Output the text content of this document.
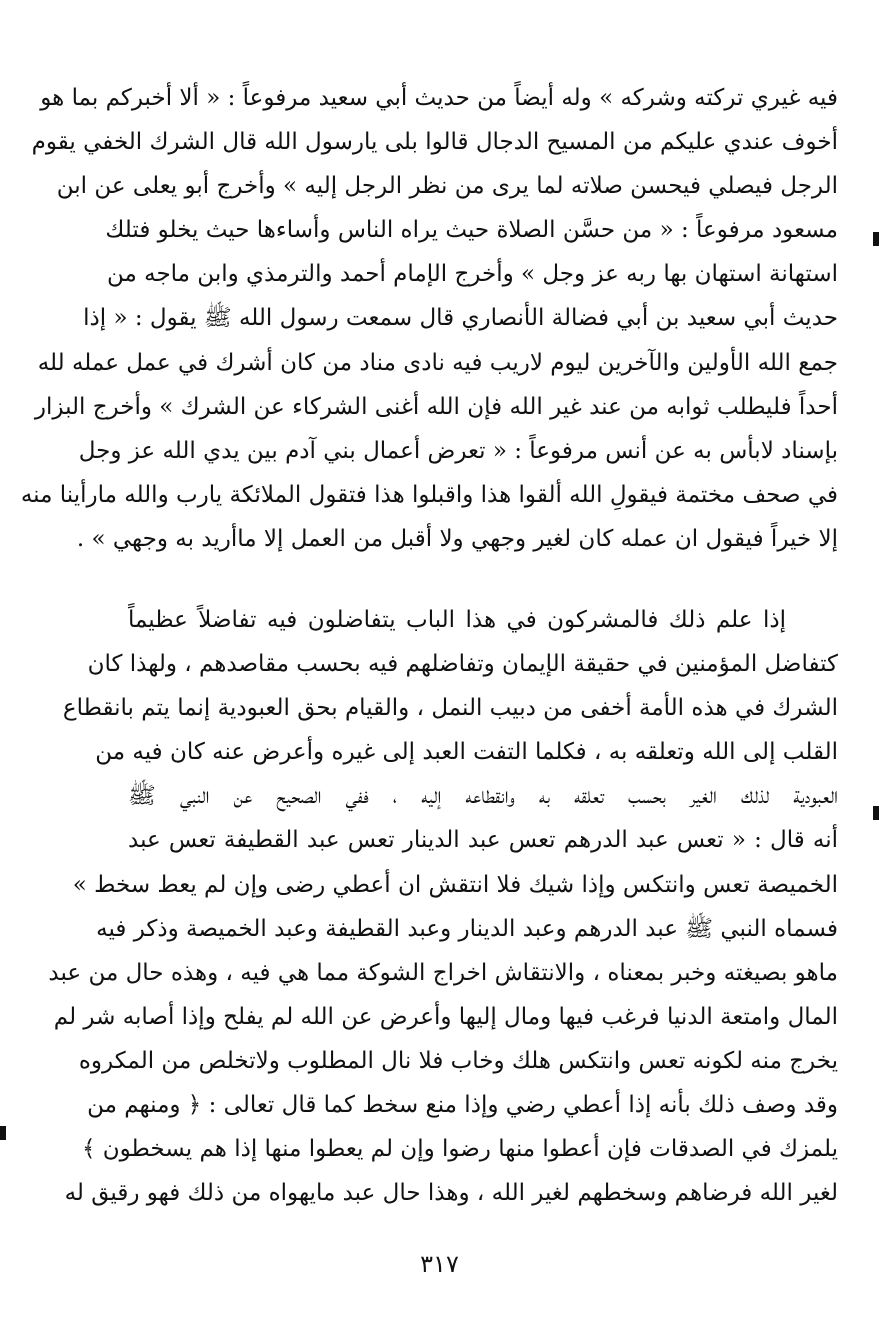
فيه غيري تركته وشركه » وله أيضاً من حديث أبي سعيد مرفوعاً : « ألا أخبركم بما هو
أخوف عندي عليكم من المسيح الدجال قالوا بلى يارسول الله قال الشرك الخفي يقوم
الرجل فيصلي فيحسن صلاته لما يرى من نظر الرجل إليه » وأخرج أبو يعلى عن ابن
مسعود مرفوعاً : « من حسَّن الصلاة حيث يراه الناس وأساءها حيث يخلو فتلك
استهانة استهان بها ربه عز وجل » وأخرج الإمام أحمد والترمذي وابن ماجه من
حديث أبي سعيد بن أبي فضالة الأنصاري قال سمعت رسول الله ﷺ يقول : « إذا
جمع الله الأولين والآخرين ليوم لاريب فيه نادى مناد من كان أشرك في عمل عمله لله
أحداً فليطلب ثوابه من عند غير الله فإن الله أغنى الشركاء عن الشرك » وأخرج البزار
بإسناد لابأس به عن أنس مرفوعاً : « تعرض أعمال بني آدم بين يدي الله عز وجل
في صحف مختمة فيقولِ الله ألقوا هذا واقبلوا هذا فتقول الملائكة يارب والله مارأينا منه
إلا خيراً فيقول ان عمله كان لغير وجهي ولا أقبل من العمل إلا ماأريد به وجهي » .
إذا علم ذلك فالمشركون في هذا الباب يتفاضلون فيه تفاضلاً عظيماً
كتفاضل المؤمنين في حقيقة الإيمان وتفاضلهم فيه بحسب مقاصدهم ، ولهذا كان
الشرك في هذه الأمة أخفى من دبيب النمل ، والقيام بحق العبودية إنما يتم بانقطاع
القلب إلى الله وتعلقه به ، فكلما التفت العبد إلى غيره وأعرض عنه كان فيه من
العبودية لذلك الغير بحسب تعلقه به وانقطاعه إليه ، ففي الصحيح عن النبي ﷺ
أنه قال : « تعس عبد الدرهم تعس عبد الدينار تعس عبد القطيفة تعس عبد
الخميصة تعس وانتكس وإذا شيك فلا انتقش ان أعطي رضى وإن لم يعط سخط »
فسماه النبي ﷺ عبد الدرهم وعبد الدينار وعبد القطيفة وعبد الخميصة وذكر فيه
ماهو بصيغته وخبر بمعناه ، والانتقاش اخراج الشوكة مما هي فيه ، وهذه حال من عبد
المال وامتعة الدنيا فرغب فيها ومال إليها وأعرض عن الله لم يفلح وإذا أصابه شر لم
يخرج منه لكونه تعس وانتكس هلك وخاب فلا نال المطلوب ولاتخلص من المكروه
وقد وصف ذلك بأنه إذا أعطي رضي وإذا منع سخط كما قال تعالى : ﴿ ومنهم من
يلمزك في الصدقات فإن أعطوا منها رضوا وإن لم يعطوا منها إذا هم يسخطون ﴾
لغير الله فرضاهم وسخطهم لغير الله ، وهذا حال عبد مايهواه من ذلك فهو رقيق له
٣١٧
